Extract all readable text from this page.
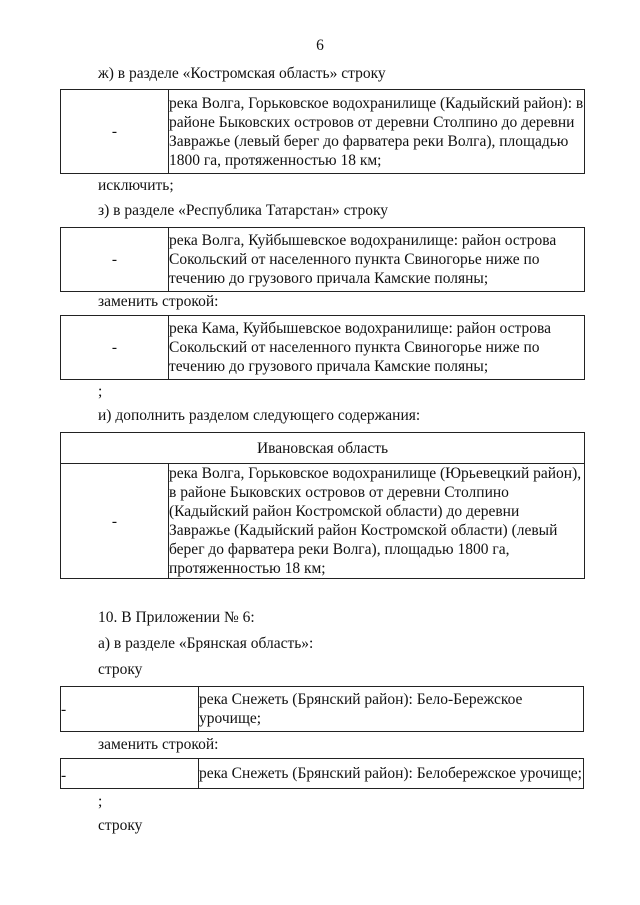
6
ж) в разделе «Костромская область» строку
-	река Волга, Горьковское водохранилище (Кадыйский район): в районе Быковских островов от деревни Столпино до деревни Завражье (левый берег до фарватера реки Волга), площадью 1800 га, протяженностью 18 км;
исключить;
з) в разделе «Республика Татарстан» строку
-	река Волга, Куйбышевское водохранилище: район острова Сокольский от населенного пункта Свиногорье ниже по течению до грузового причала Камские поляны;
заменить строкой:
-	река Кама, Куйбышевское водохранилище: район острова Сокольский от населенного пункта Свиногорье ниже по течению до грузового причала Камские поляны;
;
и) дополнить разделом следующего содержания:
Ивановская область
-	река Волга, Горьковское водохранилище (Юрьевецкий район), в районе Быковских островов от деревни Столпино (Кадыйский район Костромской области) до деревни Завражье (Кадыйский район Костромской области) (левый берег до фарватера реки Волга), площадью 1800 га, протяженностью 18 км;
10. В Приложении № 6:
а) в разделе «Брянская область»:
строку
-	река Снежеть (Брянский район): Бело-Бережское урочище;
заменить строкой:
-	река Снежеть (Брянский район): Белобережское урочище;
;
строку
